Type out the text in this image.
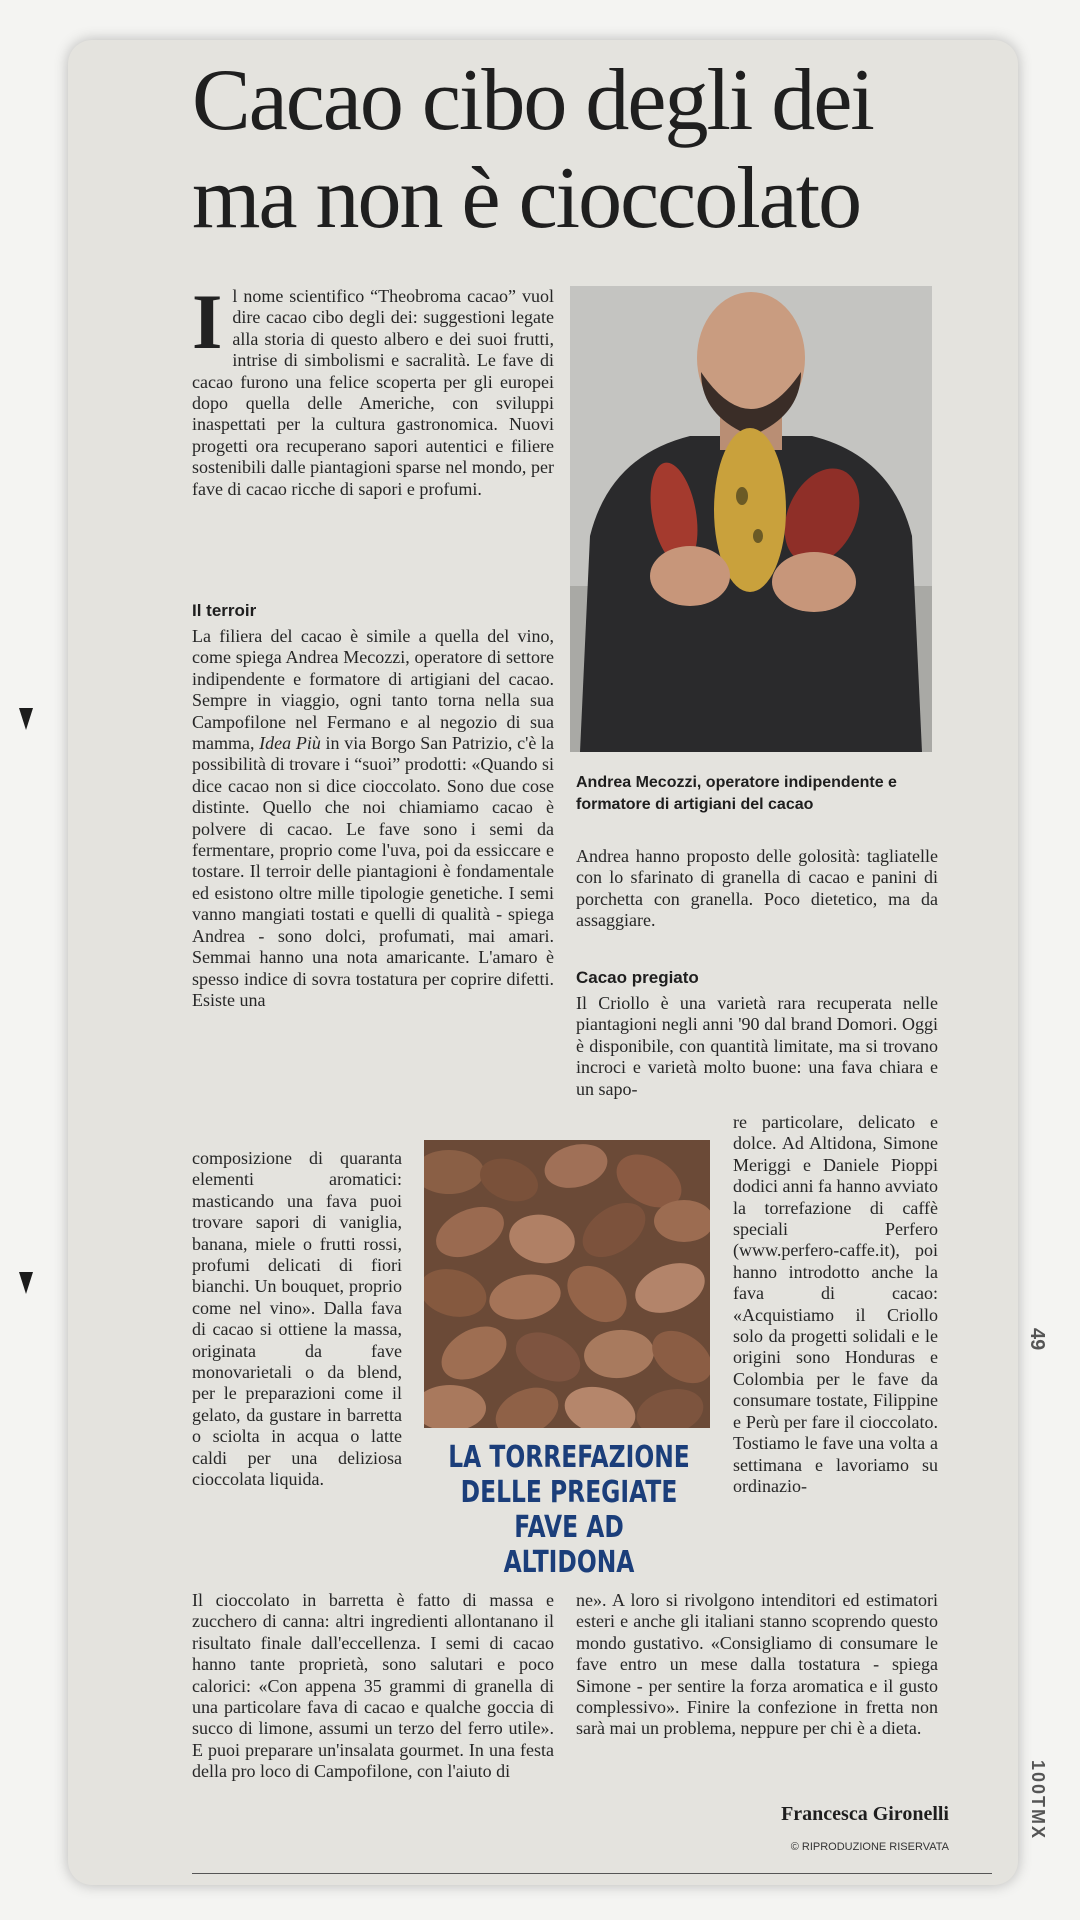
Cacao cibo degli dei
ma non è cioccolato

Il nome scientifico “Theobroma cacao” vuol dire cacao cibo degli dei: suggestioni legate alla storia di questo albero e dei suoi frutti, intrise di simbolismi e sacralità. Le fave di cacao furono una felice scoperta per gli europei dopo quella delle Americhe, con sviluppi inaspettati per la cultura gastronomica. Nuovi progetti ora recuperano sapori autentici e filiere sostenibili dalle piantagioni sparse nel mondo, per fave di cacao ricche di sapori e profumi.

Il terroir

La filiera del cacao è simile a quella del vino, come spiega Andrea Mecozzi, operatore di settore indipendente e formatore di artigiani del cacao. Sempre in viaggio, ogni tanto torna nella sua Campofilone nel Fermano e al negozio di sua mamma, Idea Più in via Borgo San Patrizio, c'è la possibilità di trovare i “suoi” prodotti: «Quando si dice cacao non si dice cioccolato. Sono due cose distinte. Quello che noi chiamiamo cacao è polvere di cacao. Le fave sono i semi da fermentare, proprio come l'uva, poi da essiccare e tostare. Il terroir delle piantagioni è fondamentale ed esistono oltre mille tipologie genetiche. I semi vanno mangiati tostati e quelli di qualità - spiega Andrea - sono dolci, profumati, mai amari. Semmai hanno una nota amaricante. L'amaro è spesso indice di sovra tostatura per coprire difetti. Esiste una

composizione di quaranta elementi aromatici: masticando una fava puoi trovare sapori di vaniglia, banana, miele o frutti rossi, profumi delicati di fiori bianchi. Un bouquet, proprio come nel vino». Dalla fava di cacao si ottiene la massa, originata da fave monovarietali o da blend, per le preparazioni come il gelato, da gustare in barretta o sciolta in acqua o latte caldi per una deliziosa cioccolata liquida.

Il cioccolato in barretta è fatto di massa e zucchero di canna: altri ingredienti allontanano il risultato finale dall'eccellenza. I semi di cacao hanno tante proprietà, sono salutari e poco calorici: «Con appena 35 grammi di granella di una particolare fava di cacao e qualche goccia di succo di limone, assumi un terzo del ferro utile». E puoi preparare un'insalata gourmet. In una festa della pro loco di Campofilone, con l'aiuto di

Andrea Mecozzi, operatore indipendente e formatore di artigiani del cacao

Andrea hanno proposto delle golosità: tagliatelle con lo sfarinato di granella di cacao e panini di porchetta con granella. Poco dietetico, ma da assaggiare.

Cacao pregiato

Il Criollo è una varietà rara recuperata nelle piantagioni negli anni '90 dal brand Domori. Oggi è disponibile, con quantità limitate, ma si trovano incroci e varietà molto buone: una fava chiara e un sapo-

re particolare, delicato e dolce. Ad Altidona, Simone Meriggi e Daniele Pioppi dodici anni fa hanno avviato la torrefazione di caffè speciali Perfero (www.perfero-caffe.it), poi hanno introdotto anche la fava di cacao: «Acquistiamo il Criollo solo da progetti solidali e le origini sono Honduras e Colombia per le fave da consumare tostate, Filippine e Perù per fare il cioccolato. Tostiamo le fave una volta a settimana e lavoriamo su ordinazio-

ne». A loro si rivolgono intenditori ed estimatori esteri e anche gli italiani stanno scoprendo questo mondo gustativo. «Consigliamo di consumare le fave entro un mese dalla tostatura - spiega Simone - per sentire la forza aromatica e il gusto complessivo». Finire la confezione in fretta non sarà mai un problema, neppure per chi è a dieta.

LA TORREFAZIONE DELLE PREGIATE FAVE AD ALTIDONA

Francesca Gironelli

© RIPRODUZIONE RISERVATA

49
100TMX
